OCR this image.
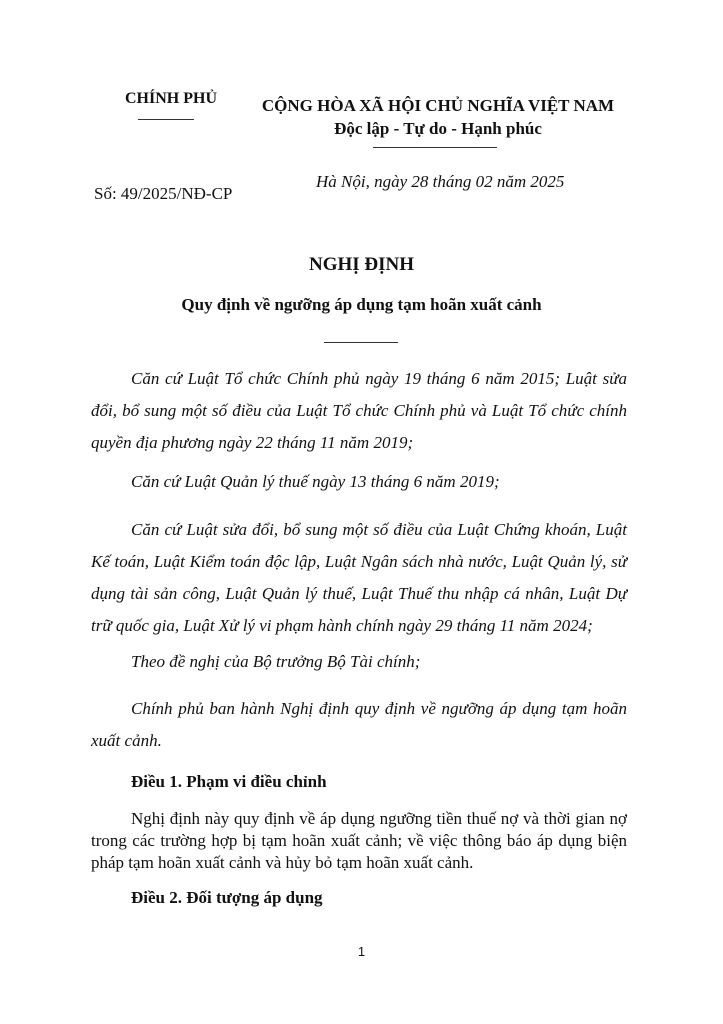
CHÍNH PHỦ	CỘNG HÒA XÃ HỘI CHỦ NGHĨA VIỆT NAM
Độc lập - Tự do - Hạnh phúc
Số: 49/2025/NĐ-CP
Hà Nội, ngày 28 tháng 02 năm 2025
NGHỊ ĐỊNH
Quy định về ngưỡng áp dụng tạm hoãn xuất cảnh
Căn cứ Luật Tổ chức Chính phủ ngày 19 tháng 6 năm 2015; Luật sửa đổi, bổ sung một số điều của Luật Tổ chức Chính phủ và Luật Tổ chức chính quyền địa phương ngày 22 tháng 11 năm 2019;
Căn cứ Luật Quản lý thuế ngày 13 tháng 6 năm 2019;
Căn cứ Luật sửa đổi, bổ sung một số điều của Luật Chứng khoán, Luật Kế toán, Luật Kiểm toán độc lập, Luật Ngân sách nhà nước, Luật Quản lý, sử dụng tài sản công, Luật Quản lý thuế, Luật Thuế thu nhập cá nhân, Luật Dự trữ quốc gia, Luật Xử lý vi phạm hành chính ngày 29 tháng 11 năm 2024;
Theo đề nghị của Bộ trưởng Bộ Tài chính;
Chính phủ ban hành Nghị định quy định về ngưỡng áp dụng tạm hoãn xuất cảnh.
Điều 1. Phạm vi điều chỉnh
Nghị định này quy định về áp dụng ngưỡng tiền thuế nợ và thời gian nợ trong các trường hợp bị tạm hoãn xuất cảnh; về việc thông báo áp dụng biện pháp tạm hoãn xuất cảnh và hủy bỏ tạm hoãn xuất cảnh.
Điều 2. Đối tượng áp dụng
1
